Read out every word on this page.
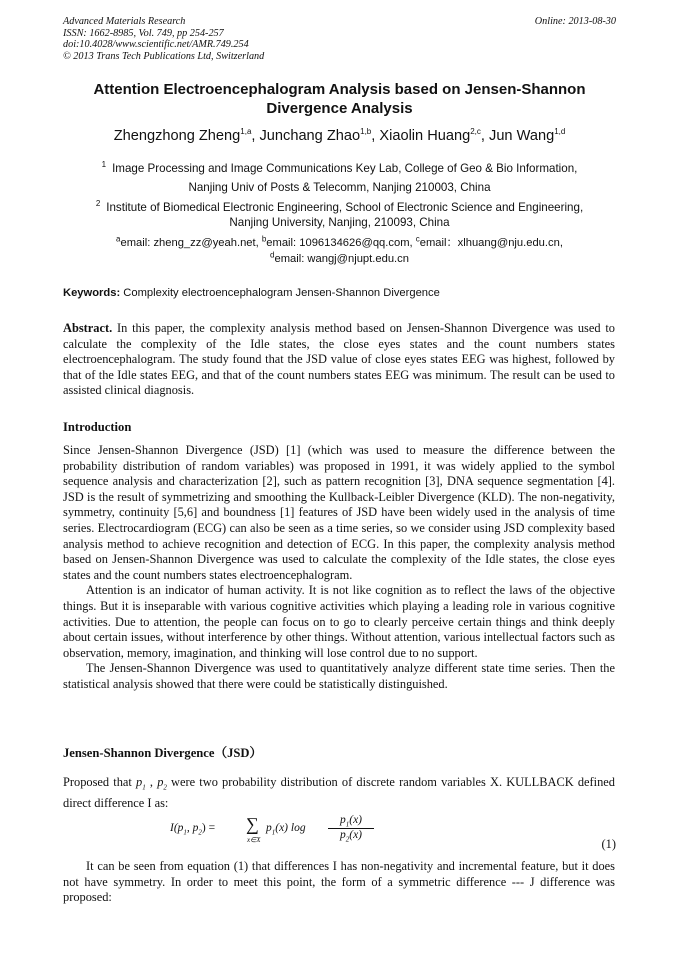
Advanced Materials Research
ISSN: 1662-8985, Vol. 749, pp 254-257
doi:10.4028/www.scientific.net/AMR.749.254
© 2013 Trans Tech Publications Ltd, Switzerland
Online: 2013-08-30
Attention Electroencephalogram Analysis based on Jensen-Shannon
Divergence Analysis
Zhengzhong Zheng$^{1,a}$, Junchang Zhao$^{1,b}$, Xiaolin Huang$^{2,c}$, Jun Wang$^{1,d}$
$^1$ Image Processing and Image Communications Key Lab, College of Geo & Bio Information,
Nanjing Univ of Posts & Telecomm, Nanjing 210003, China
$^2$ Institute of Biomedical Electronic Engineering, School of Electronic Science and Engineering,
Nanjing University, Nanjing, 210093, China
$^a$email: zheng_zz@yeah.net, $^b$email: 1096134626@qq.com, $^c$email：xlhuang@nju.edu.cn,
$^d$email: wangj@njupt.edu.cn
Keywords: Complexity electroencephalogram Jensen-Shannon Divergence

Abstract. In this paper, the complexity analysis method based on Jensen-Shannon Divergence was used to calculate the complexity of the Idle states, the close eyes states and the count numbers states electroencephalogram. The study found that the JSD value of close eyes states EEG was highest, followed by that of the Idle states EEG, and that of the count numbers states EEG was minimum. The result can be used to assisted clinical diagnosis.

Introduction

Since Jensen-Shannon Divergence (JSD) [1] (which was used to measure the difference between the probability distribution of random variables) was proposed in 1991, it was widely applied to the symbol sequence analysis and characterization [2], such as pattern recognition [3], DNA sequence segmentation [4]. JSD is the result of symmetrizing and smoothing the Kullback-Leibler Divergence (KLD). The non-negativity, symmetry, continuity [5,6] and boundness [1] features of JSD have been widely used in the analysis of time series. Electrocardiogram (ECG) can also be seen as a time series, so we consider using JSD complexity based analysis method to achieve recognition and detection of ECG. In this paper, the complexity analysis method based on Jensen-Shannon Divergence was used to calculate the complexity of the Idle states, the close eyes states and the count numbers states electroencephalogram.

Attention is an indicator of human activity. It is not like cognition as to reflect the laws of the objective things. But it is inseparable with various cognitive activities which playing a leading role in various cognitive activities. Due to attention, the people can focus on to go to clearly perceive certain things and think deeply about certain issues, without interference by other things. Without attention, various intellectual factors such as observation, memory, imagination, and thinking will lose control due to no support.

The Jensen-Shannon Divergence was used to quantitatively analyze different state time series. Then the statistical analysis showed that there were could be statistically distinguished.

Jensen-Shannon Divergence（JSD）

Proposed that $p_1$ , $p_2$ were two probability distribution of discrete random variables X. KULLBACK defined direct difference I as:

$I(p_1$, $p_2$) = ∑
x∈X
$p_1(x)$ $\log \frac{p_1(x)}{p_2(x)}$
(1)

It can be seen from equation (1) that differences I has non-negativity and incremental feature, but it does not have symmetry. In order to meet this point, the form of a symmetric difference --- J difference was proposed:
